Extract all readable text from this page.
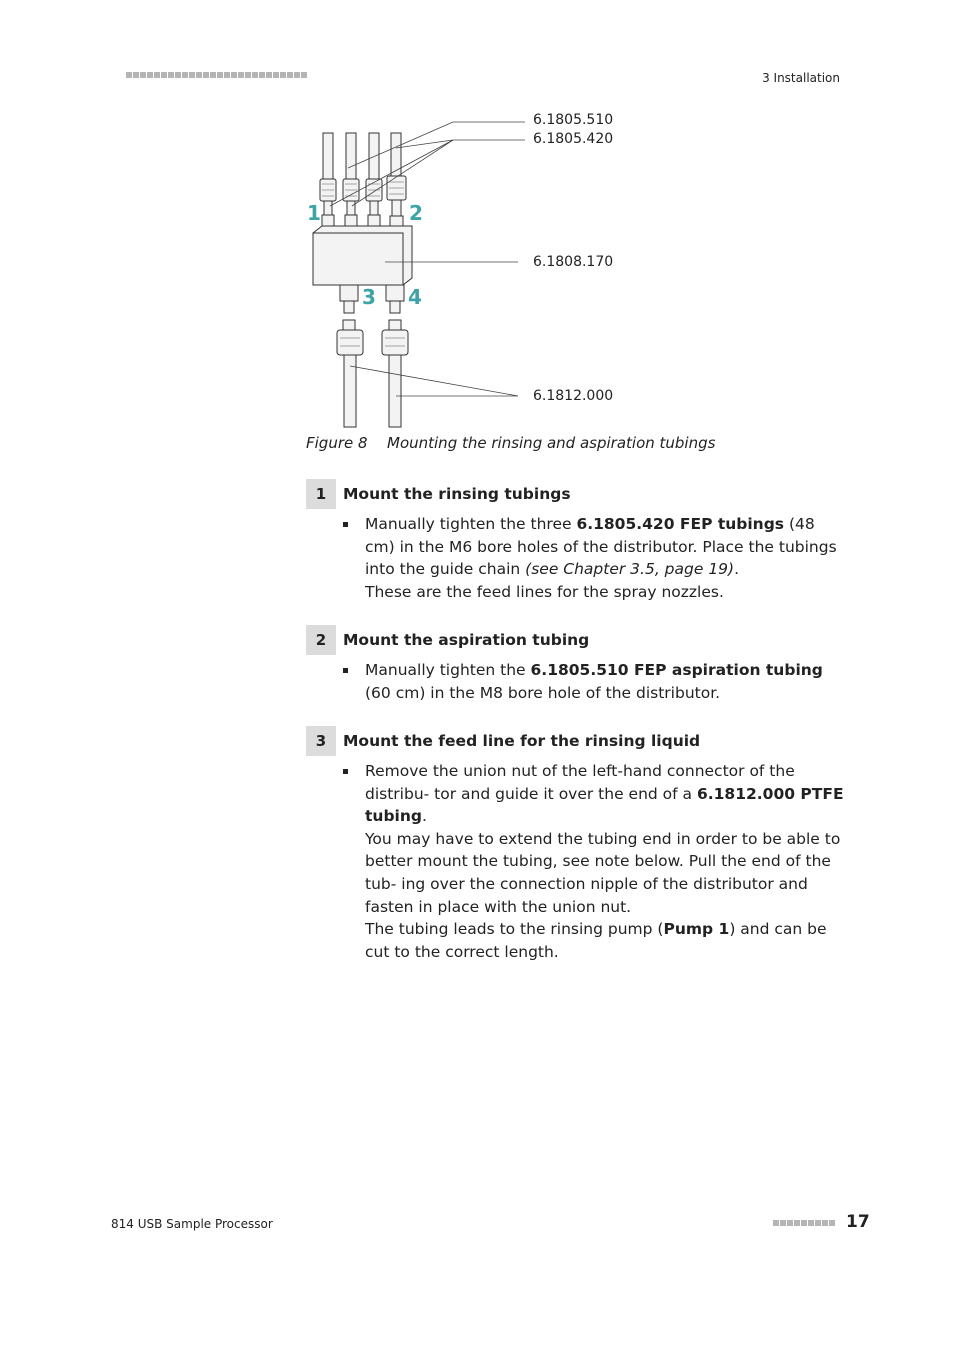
3 Installation
6.1805.510
6.1805.420
6.1808.170
6.1812.000
1	2
3 4
Figure 8 Mounting the rinsing and aspiration tubings
1	Mount the rinsing tubings
Manually tighten the three 6.1805.420 FEP tubings (48 cm) in the M6 bore holes of the distributor. Place the tubings into the guide chain (see Chapter 3.5, page 19).
These are the feed lines for the spray nozzles.
2	Mount the aspiration tubing
Manually tighten the 6.1805.510 FEP aspiration tubing (60 cm) in the M8 bore hole of the distributor.
3	Mount the feed line for the rinsing liquid
Remove the union nut of the left-hand connector of the distribu- tor and guide it over the end of a 6.1812.000 PTFE tubing.
You may have to extend the tubing end in order to be able to better mount the tubing, see note below. Pull the end of the tub- ing over the connection nipple of the distributor and fasten in place with the union nut.
The tubing leads to the rinsing pump (Pump 1) and can be cut to the correct length.
814 USB Sample Processor	17
